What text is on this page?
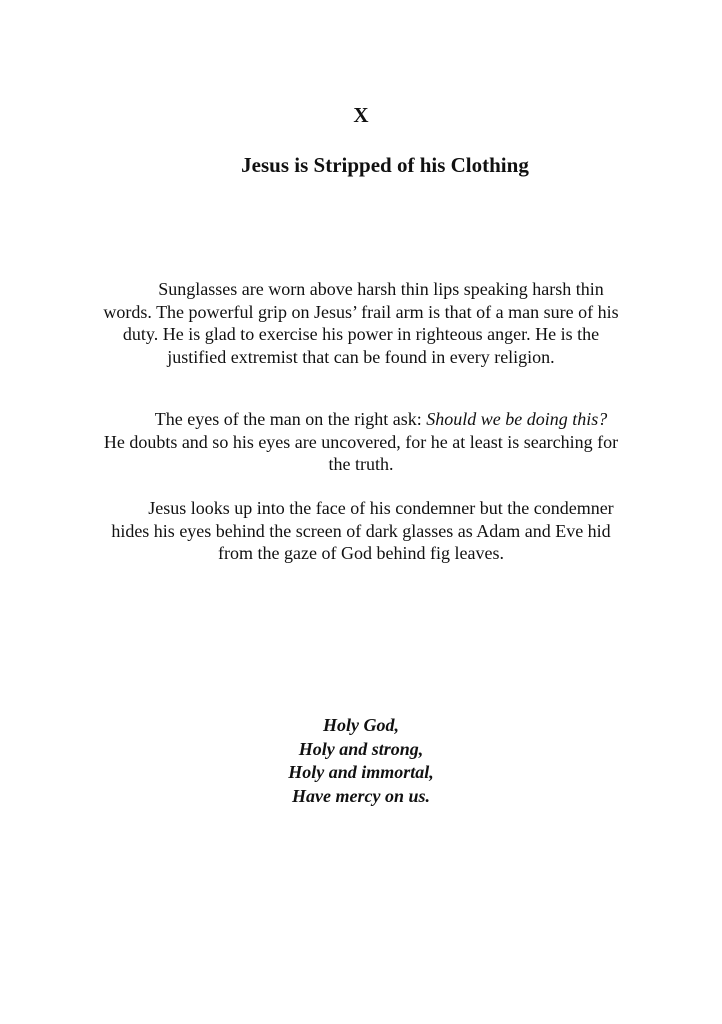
X
Jesus is Stripped of his Clothing

Sunglasses are worn above harsh thin lips speaking harsh thin words. The powerful grip on Jesus’ frail arm is that of a man sure of his duty. He is glad to exercise his power in righteous anger. He is the justified extremist that can be found in every religion.

The eyes of the man on the right ask: Should we be doing this?  He doubts and so his eyes are uncovered, for he at least is searching for the truth.

Jesus looks up into the face of his condemner but the condemner hides his eyes behind the screen of dark glasses as Adam and Eve hid from the gaze of God behind fig leaves.

Holy God,
Holy and strong,
Holy and immortal,
Have mercy on us.
